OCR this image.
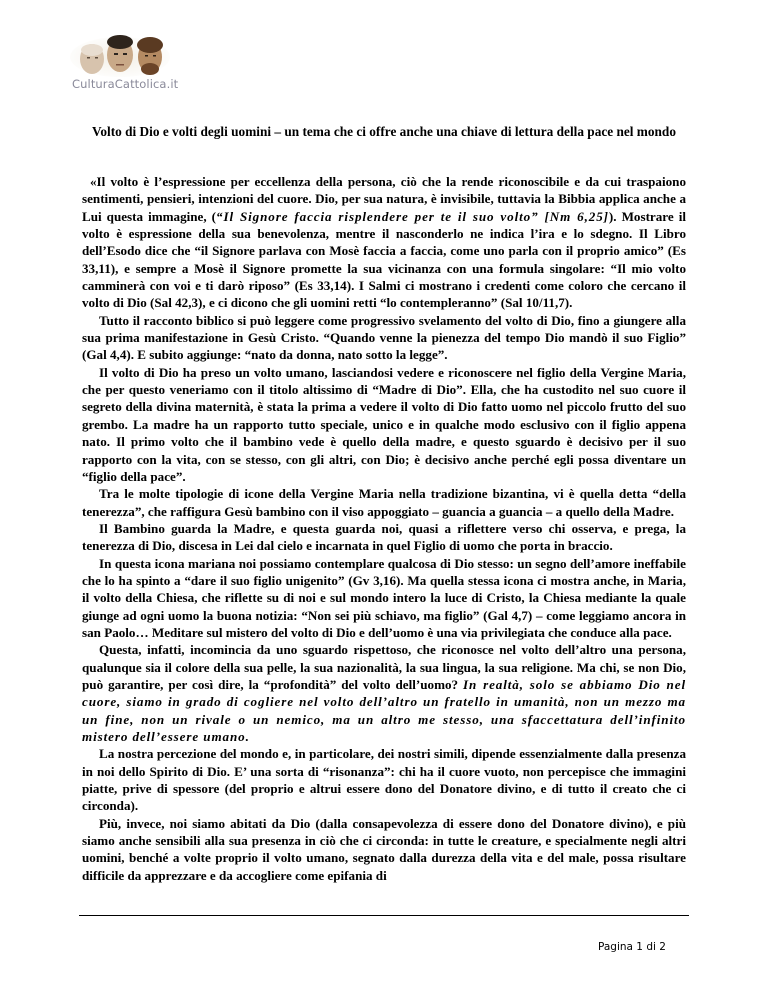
CulturaCattolica.it
Volto di Dio e volti degli uomini – un tema che ci offre anche una chiave di lettura della pace nel mondo

«Il volto è l’espressione per eccellenza della persona, ciò che la rende riconoscibile e da cui traspaiono sentimenti, pensieri, intenzioni del cuore. Dio, per sua natura, è invisibile, tuttavia la Bibbia applica anche a Lui questa immagine, (“Il Signore faccia risplendere per te il suo volto” [Nm 6,25]). Mostrare il volto è espressione della sua benevolenza, mentre il nasconderlo ne indica l’ira e lo sdegno. Il Libro dell’Esodo dice che “il Signore parlava con Mosè faccia a faccia, come uno parla con il proprio amico” (Es 33,11), e sempre a Mosè il Signore promette la sua vicinanza con una formula singolare: “Il mio volto camminerà con voi e ti darò riposo” (Es 33,14). I Salmi ci mostrano i credenti come coloro che cercano il volto di Dio (Sal 42,3), e ci dicono che gli uomini retti “lo contempleranno” (Sal 10/11,7).

Tutto il racconto biblico si può leggere come progressivo svelamento del volto di Dio, fino a giungere alla sua prima manifestazione in Gesù Cristo. “Quando venne la pienezza del tempo Dio mandò il suo Figlio” (Gal 4,4). E subito aggiunge: “nato da donna, nato sotto la legge”.

Il volto di Dio ha preso un volto umano, lasciandosi vedere e riconoscere nel figlio della Vergine Maria, che per questo veneriamo con il titolo altissimo di “Madre di Dio”. Ella, che ha custodito nel suo cuore il segreto della divina maternità, è stata la prima a vedere il volto di Dio fatto uomo nel piccolo frutto del suo grembo. La madre ha un rapporto tutto speciale, unico e in qualche modo esclusivo con il figlio appena nato. Il primo volto che il bambino vede è quello della madre, e questo sguardo è decisivo per il suo rapporto con la vita, con se stesso, con gli altri, con Dio; è decisivo anche perché egli possa diventare un “figlio della pace”.

Tra le molte tipologie di icone della Vergine Maria nella tradizione bizantina, vi è quella detta “della tenerezza”, che raffigura Gesù bambino con il viso appoggiato – guancia a guancia – a quello della Madre.

Il Bambino guarda la Madre, e questa guarda noi, quasi a riflettere verso chi osserva, e prega, la tenerezza di Dio, discesa in Lei dal cielo e incarnata in quel Figlio di uomo che porta in braccio.

In questa icona mariana noi possiamo contemplare qualcosa di Dio stesso: un segno dell’amore ineffabile che lo ha spinto a “dare il suo figlio unigenito” (Gv 3,16). Ma quella stessa icona ci mostra anche, in Maria, il volto della Chiesa, che riflette su di noi e sul mondo intero la luce di Cristo, la Chiesa mediante la quale giunge ad ogni uomo la buona notizia: “Non sei più schiavo, ma figlio” (Gal 4,7) – come leggiamo ancora in san Paolo… Meditare sul mistero del volto di Dio e dell’uomo è una via privilegiata che conduce alla pace.

Questa, infatti, incomincia da uno sguardo rispettoso, che riconosce nel volto dell’altro una persona, qualunque sia il colore della sua pelle, la sua nazionalità, la sua lingua, la sua religione. Ma chi, se non Dio, può garantire, per così dire, la “profondità” del volto dell’uomo? In realtà, solo se abbiamo Dio nel cuore, siamo in grado di cogliere nel volto dell’altro un fratello in umanità, non un mezzo ma un fine, non un rivale o un nemico, ma un altro me stesso, una sfaccettatura dell’infinito mistero dell’essere umano.

La nostra percezione del mondo e, in particolare, dei nostri simili, dipende essenzialmente dalla presenza in noi dello Spirito di Dio. E’ una sorta di “risonanza”: chi ha il cuore vuoto, non percepisce che immagini piatte, prive di spessore (del proprio e altrui essere dono del Donatore divino, e di tutto il creato che ci circonda).

Più, invece, noi siamo abitati da Dio (dalla consapevolezza di essere dono del Donatore divino), e più siamo anche sensibili alla sua presenza in ciò che ci circonda: in tutte le creature, e specialmente negli altri uomini, benché a volte proprio il volto umano, segnato dalla durezza della vita e del male, possa risultare difficile da apprezzare e da accogliere come epifania di

Pagina 1 di 2
